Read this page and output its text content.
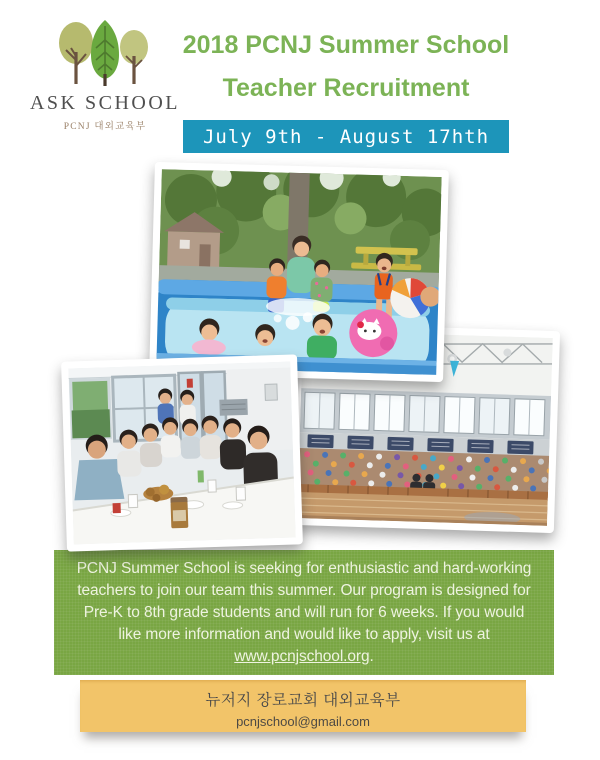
ASK SCHOOL
PCNJ 대외교육부
2018 PCNJ Summer School
Teacher Recruitment
July 9th - August 17hth
PCNJ Summer School is seeking for enthusiastic and hard-working
teachers to join our team this summer. Our program is designed for
Pre-K to 8th grade students and will run for 6 weeks. If you would
like more information and would like to apply, visit us at
www.pcnjschool.org.
뉴저지 장로교회 대외교육부
pcnjschool@gmail.com
